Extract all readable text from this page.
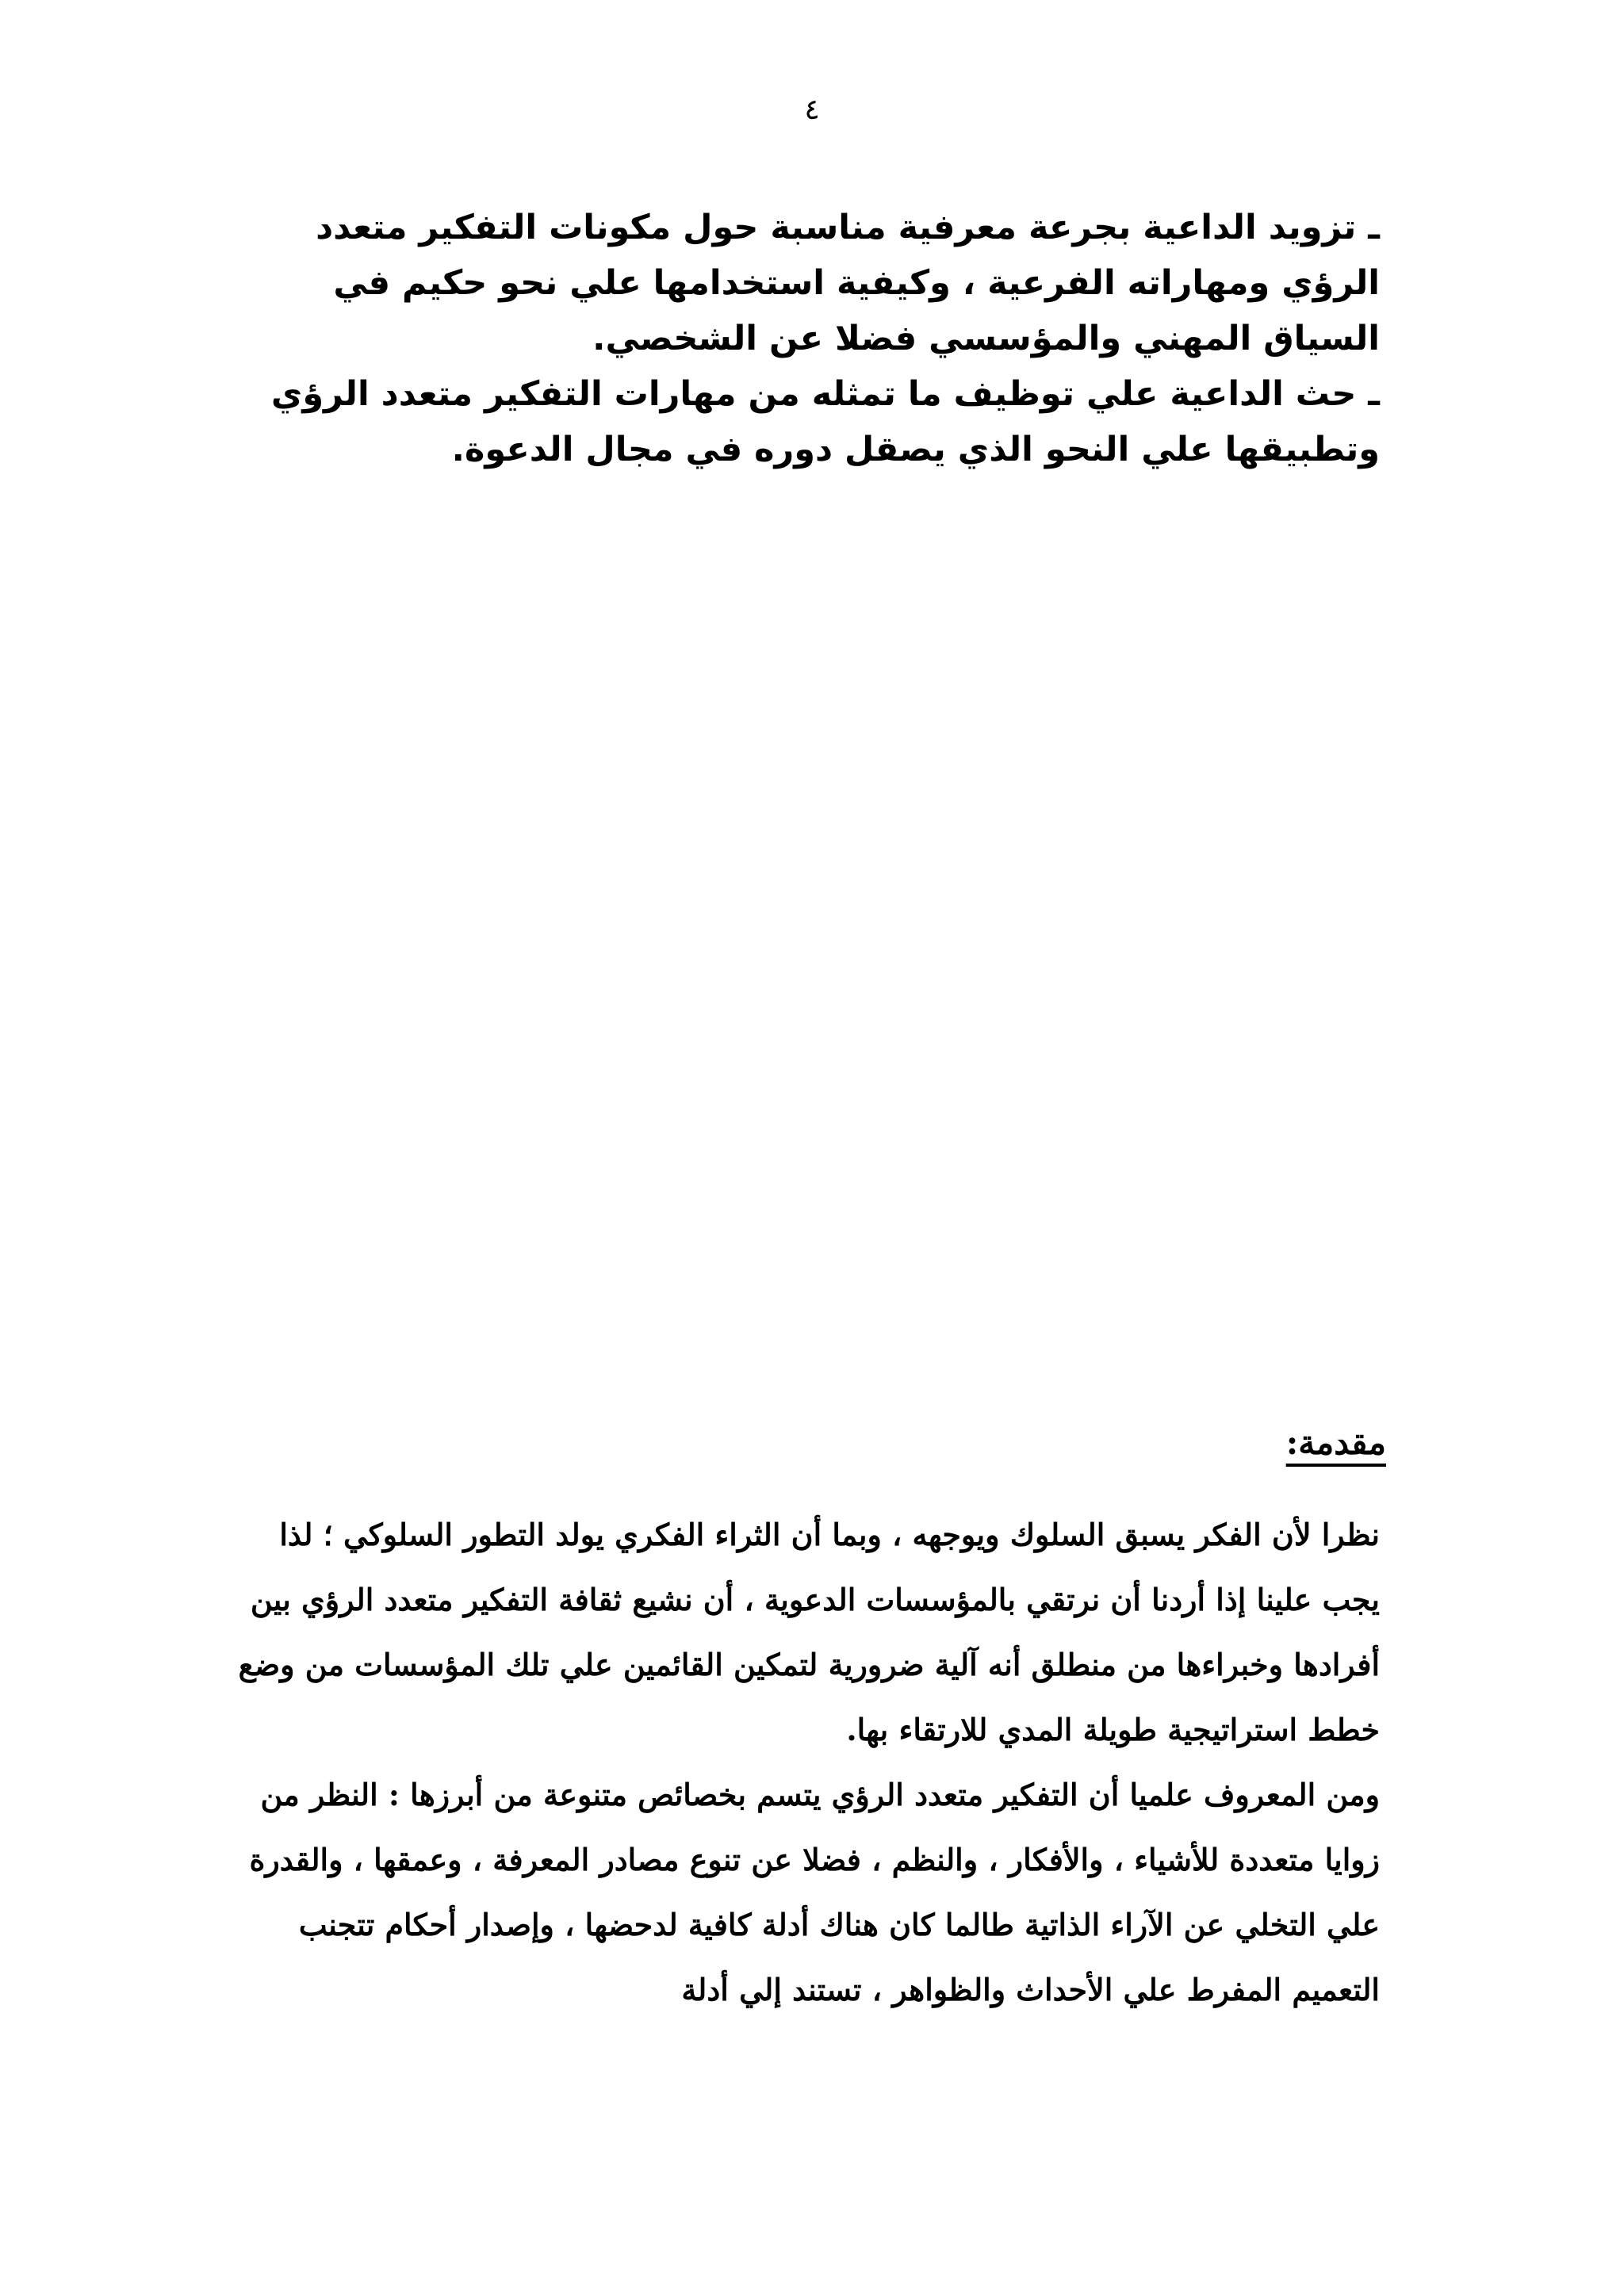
٤

ـ تزويد الداعية بجرعة معرفية مناسبة حول مكونات التفكير متعدد الرؤي ومهاراته الفرعية ، وكيفية استخدامها علي نحو حكيم في السياق المهني والمؤسسي فضلا عن الشخصي.

ـ حث الداعية علي توظيف ما تمثله من مهارات التفكير متعدد الرؤي وتطبيقها علي النحو الذي يصقل دوره في مجال الدعوة.

مقدمة:

نظرا لأن الفكر يسبق السلوك ويوجهه ، وبما أن الثراء الفكري يولد التطور السلوكي ؛ لذا يجب علينا إذا أردنا أن نرتقي بالمؤسسات الدعوية ، أن نشيع ثقافة التفكير متعدد الرؤي بين أفرادها وخبراءها من منطلق أنه آلية ضرورية لتمكين القائمين علي تلك المؤسسات من وضع خطط استراتيجية طويلة المدي للارتقاء بها.

ومن المعروف علميا أن التفكير متعدد الرؤي يتسم بخصائص متنوعة من أبرزها : النظر من زوايا متعددة للأشياء ، والأفكار ، والنظم ، فضلا عن تنوع مصادر المعرفة ، وعمقها ، والقدرة علي التخلي عن الآراء الذاتية طالما كان هناك أدلة كافية لدحضها ، وإصدار أحكام تتجنب التعميم المفرط علي الأحداث والظواهر ، تستند إلي أدلة
